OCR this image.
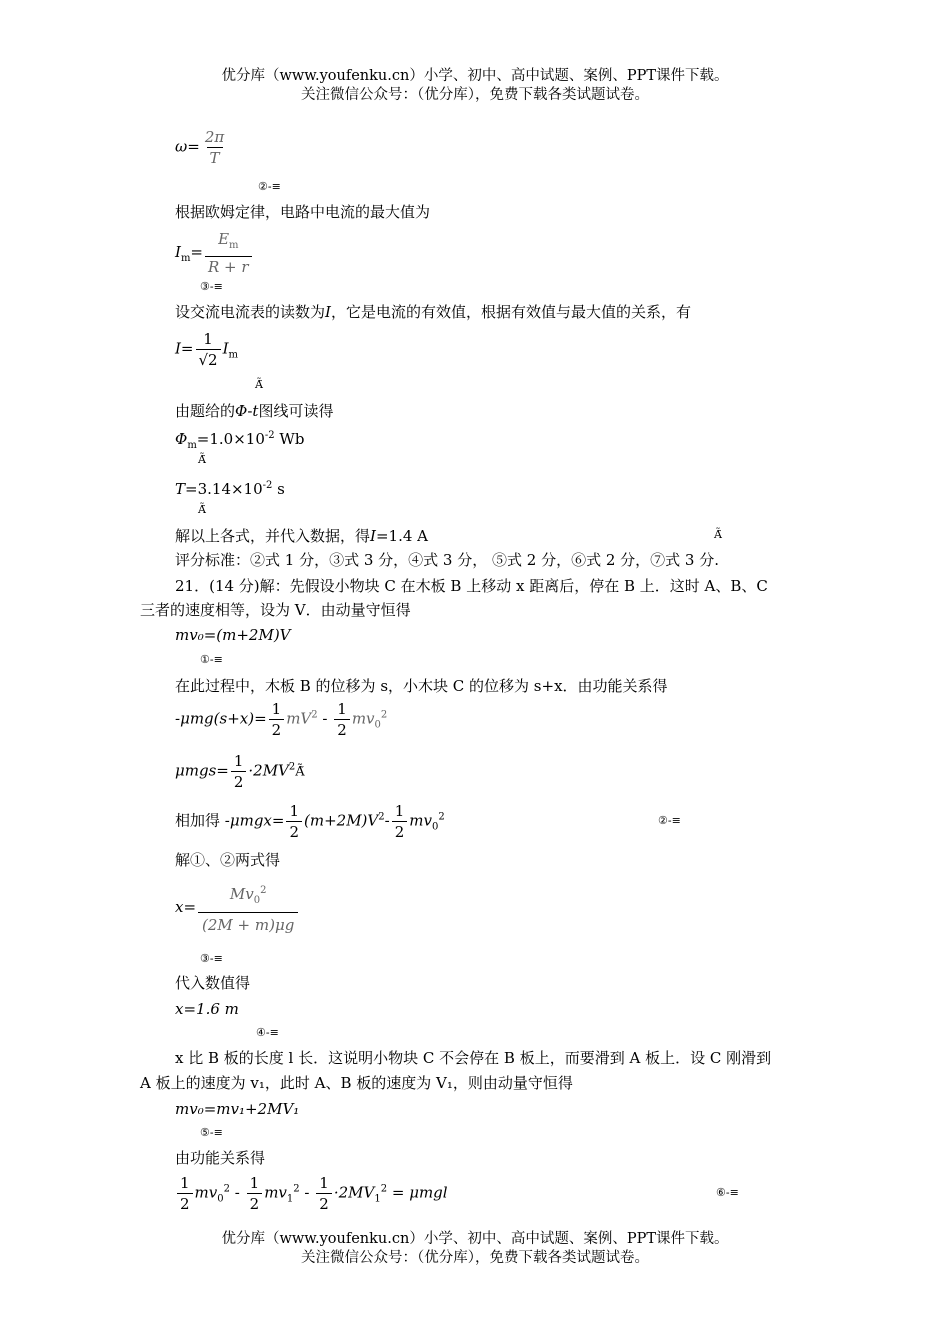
优分库（www.youfenku.cn）小学、初中、高中试题、案例、PPT课件下载。
关注微信公众号：（优分库），免费下载各类试题试卷。
$\omega= \frac{2\pi}{T}$
②-≡
根据欧姆定律，电路中电流的最大值为
$I_m= \frac{E_m}{R + r}$
③-≡
设交流电流表的读数为I，它是电流的有效值，根据有效值与最大值的关系，有
$I= \frac{1}{√2} I_m$
Ã̃
由题给的Φ-t图线可读得
$\Phi_m=1.0\times 10^{-2}$ Wb
Ã̃
$T=3.14\times 10^{-2}$ s
Ã̃
解以上各式，并代入数据，得I=1.4 A	Ã̃
评分标准：②式 1 分，③式 3 分，④式 3 分， ⑤式 2 分，⑥式 2 分，⑦式 3 分.
21．(14 分)解：先假设小物块 C 在木板 B 上移动 x 距离后，停在 B 上．这时 A、B、C
三者的速度相等，设为 V．由动量守恒得
mv₀=(m+2M)V
①-≡
在此过程中，木板 B 的位移为 s，小木块 C 的位移为 s+x．由功能关系得
$-\mu mg(s+x)= \frac{1}{2} mV^2 - \frac{1}{2} mv_0^2$
$\mu mgs= \frac{1}{2}$ $\cdot 2MV^2Ã̃$
相加得 $-\mu mgx= \frac{1}{2} (m+2M)V^2- \frac{1}{2} mv_0^2$	②-≡
解①、②两式得
$x= \frac{Mv_0^2}{(2M + m)\mu g}$
③-≡
代入数值得
x=1.6 m
④-≡
x 比 B 板的长度 l 长．这说明小物块 C 不会停在 B 板上，而要滑到 A 板上．设 C 刚滑到
A 板上的速度为 v₁，此时 A、B 板的速度为 V₁，则由动量守恒得
mv₀=mv₁+2MV₁
⑤-≡
由功能关系得
$\frac{1}{2} mv_0^2 - \frac{1}{2} mv_1^2 - \frac{1}{2} \cdot 2MV_1^2 = \mu mgl$	⑥-≡
优分库（www.youfenku.cn）小学、初中、高中试题、案例、PPT课件下载。
关注微信公众号：（优分库），免费下载各类试题试卷。
